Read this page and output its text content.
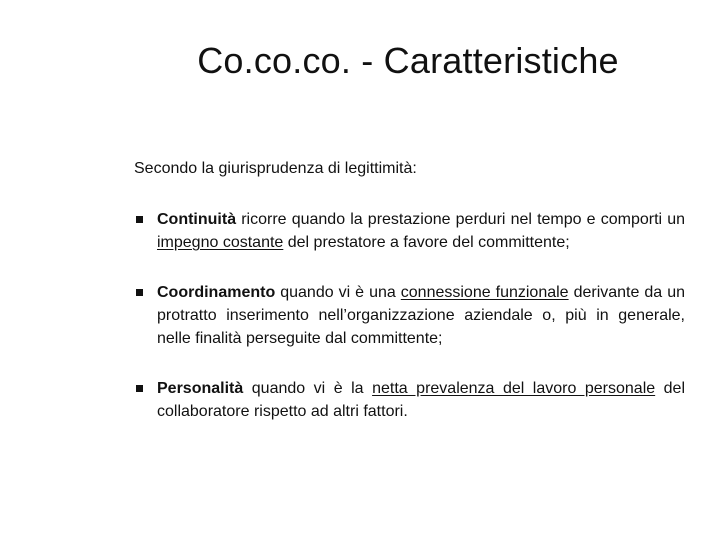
Co.co.co. - Caratteristiche

Secondo la giurisprudenza di legittimità:

Continuità ricorre quando la prestazione perduri nel tempo e comporti un impegno costante del prestatore a favore del committente;
Coordinamento quando vi è una connessione funzionale derivante da un protratto inserimento nell’organizzazione aziendale o, più in generale, nelle finalità perseguite dal committente;
Personalità quando vi è la netta prevalenza del lavoro personale del collaboratore rispetto ad altri fattori.
